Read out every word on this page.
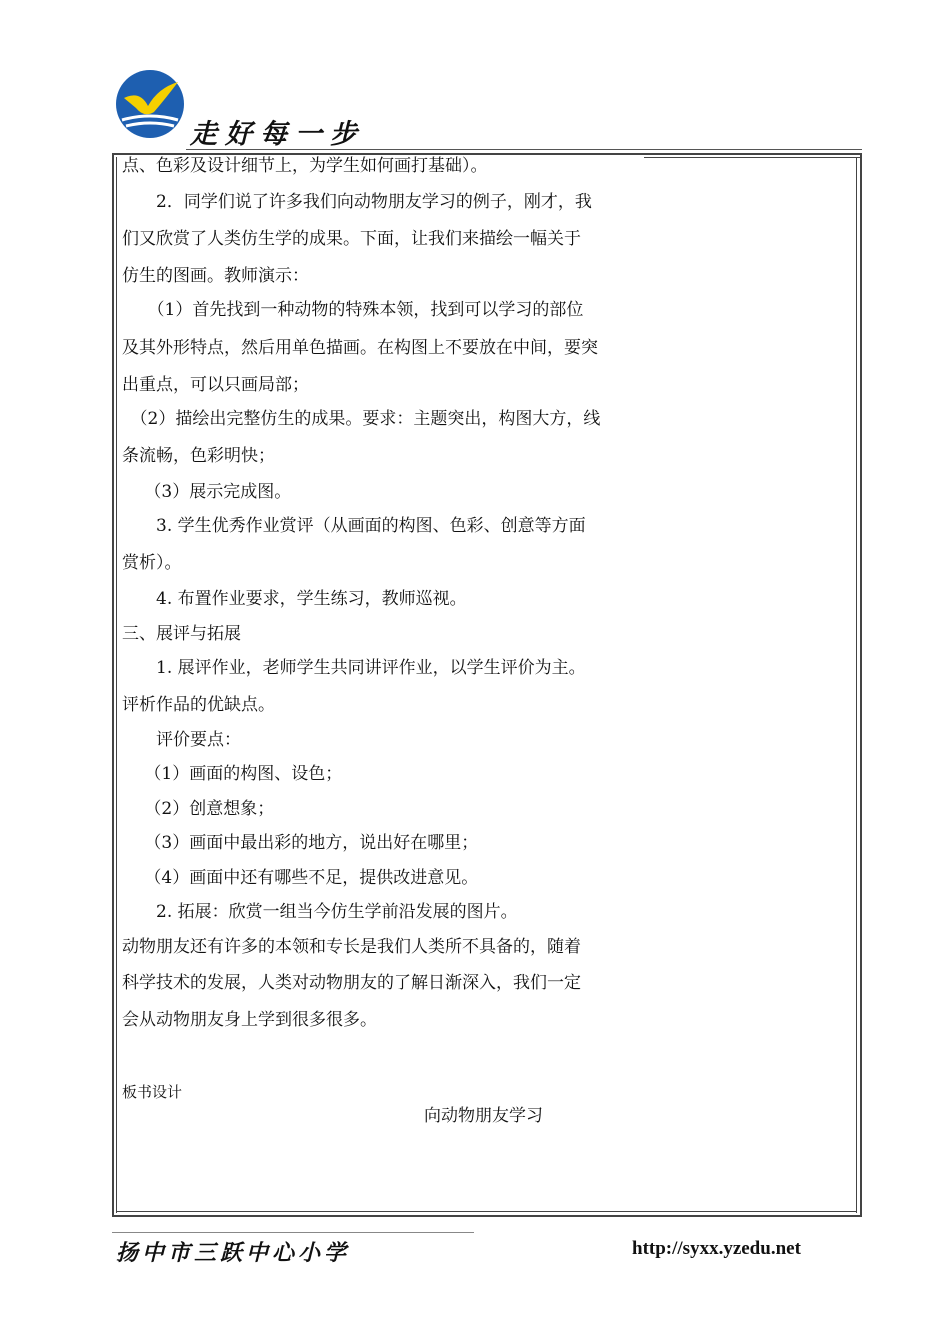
走好每一步
点、色彩及设计细节上，为学生如何画打基础）。
　　2．同学们说了许多我们向动物朋友学习的例子，刚才，我
们又欣赏了人类仿生学的成果。下面，让我们来描绘一幅关于
仿生的图画。教师演示：
　　（1）首先找到一种动物的特殊本领，找到可以学习的部位
及其外形特点，然后用单色描画。在构图上不要放在中间，要突
出重点，可以只画局部；
　（2）描绘出完整仿生的成果。要求：主题突出，构图大方，线
条流畅，色彩明快；
　 （3）展示完成图。
　　3. 学生优秀作业赏评（从画面的构图、色彩、创意等方面
赏析）。
　　4. 布置作业要求，学生练习，教师巡视。
三、展评与拓展
　　1. 展评作业，老师学生共同讲评作业，以学生评价为主。
评析作品的优缺点。
　　评价要点：
　 （1）画面的构图、设色；
　 （2）创意想象；
　 （3）画面中最出彩的地方，说出好在哪里；
　 （4）画面中还有哪些不足，提供改进意见。
　　2. 拓展：欣赏一组当今仿生学前沿发展的图片。
动物朋友还有许多的本领和专长是我们人类所不具备的，随着
科学技术的发展，人类对动物朋友的了解日渐深入，我们一定
会从动物朋友身上学到很多很多。
板书设计
向动物朋友学习
扬中市三跃中心小学	http://syxx.yzedu.net
